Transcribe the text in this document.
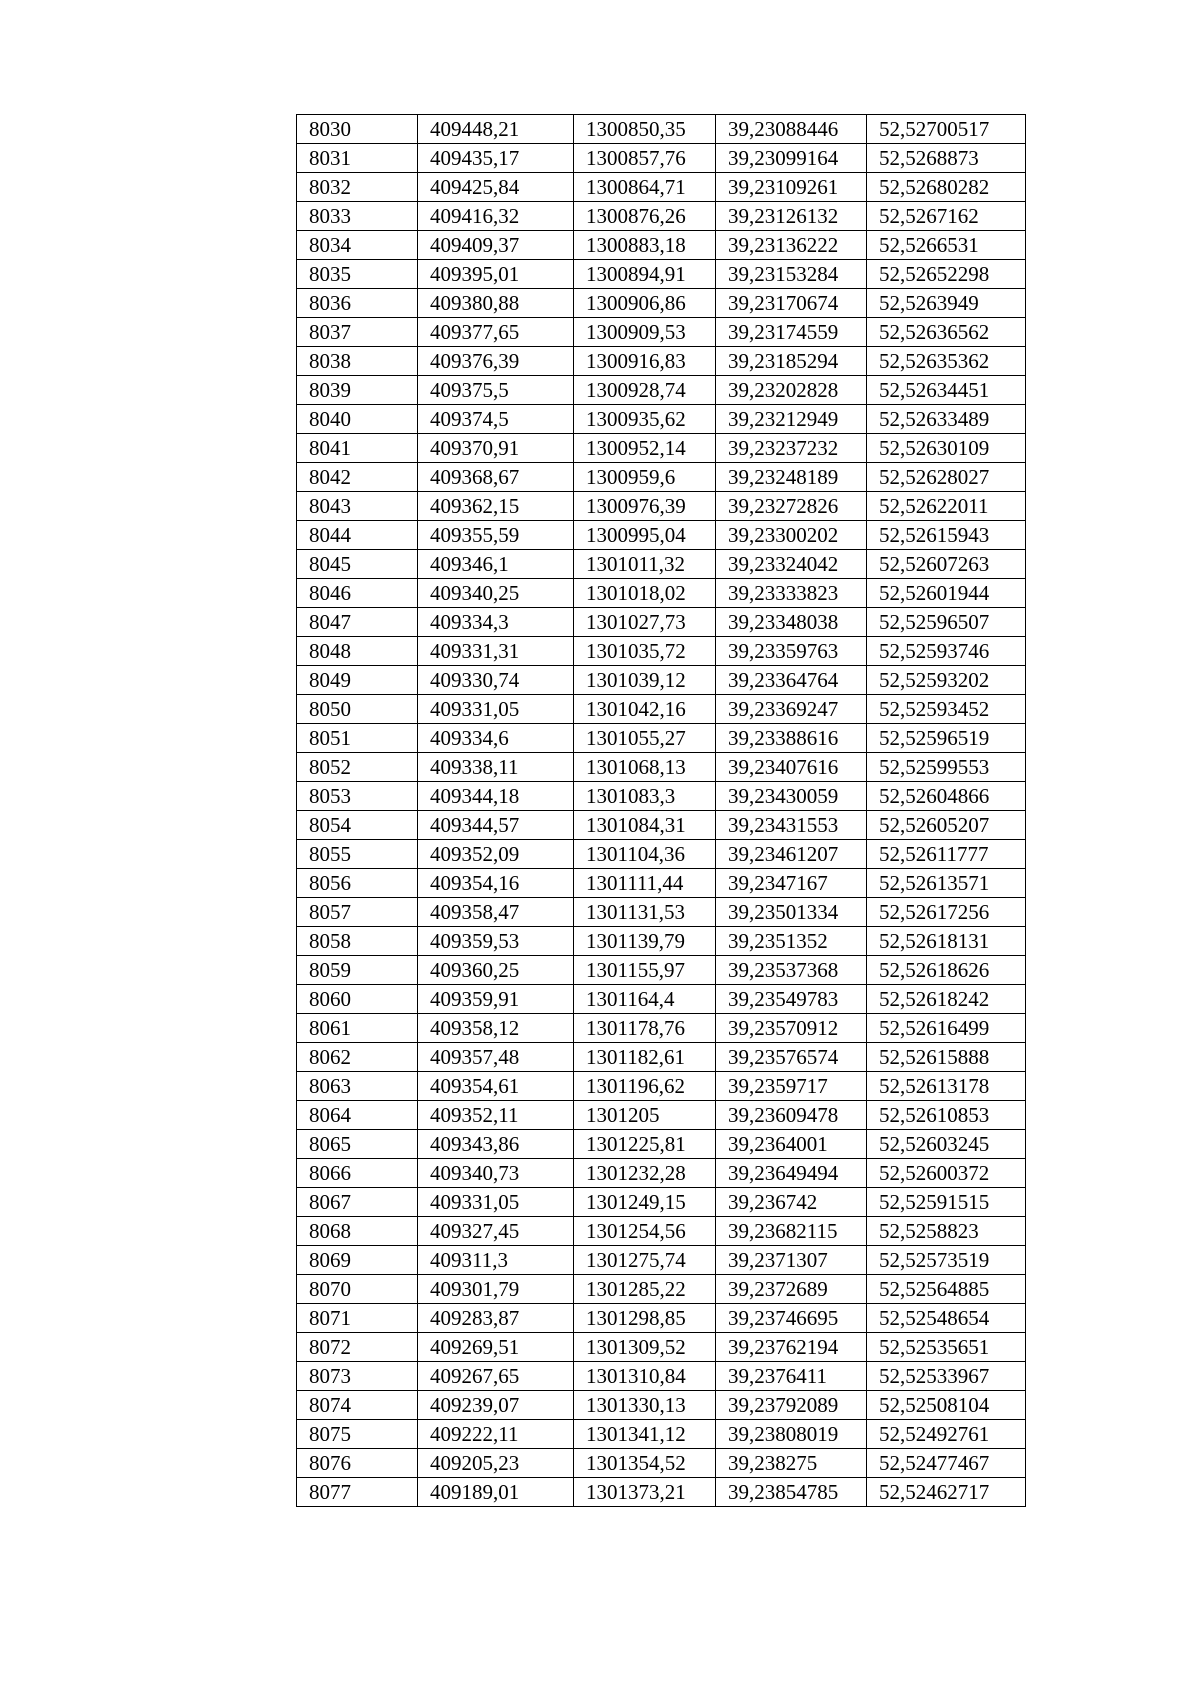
8030	409448,21	1300850,35	39,23088446	52,52700517
8031	409435,17	1300857,76	39,23099164	52,5268873
8032	409425,84	1300864,71	39,23109261	52,52680282
8033	409416,32	1300876,26	39,23126132	52,5267162
8034	409409,37	1300883,18	39,23136222	52,5266531
8035	409395,01	1300894,91	39,23153284	52,52652298
8036	409380,88	1300906,86	39,23170674	52,5263949
8037	409377,65	1300909,53	39,23174559	52,52636562
8038	409376,39	1300916,83	39,23185294	52,52635362
8039	409375,5	1300928,74	39,23202828	52,52634451
8040	409374,5	1300935,62	39,23212949	52,52633489
8041	409370,91	1300952,14	39,23237232	52,52630109
8042	409368,67	1300959,6	39,23248189	52,52628027
8043	409362,15	1300976,39	39,23272826	52,52622011
8044	409355,59	1300995,04	39,23300202	52,52615943
8045	409346,1	1301011,32	39,23324042	52,52607263
8046	409340,25	1301018,02	39,23333823	52,52601944
8047	409334,3	1301027,73	39,23348038	52,52596507
8048	409331,31	1301035,72	39,23359763	52,52593746
8049	409330,74	1301039,12	39,23364764	52,52593202
8050	409331,05	1301042,16	39,23369247	52,52593452
8051	409334,6	1301055,27	39,23388616	52,52596519
8052	409338,11	1301068,13	39,23407616	52,52599553
8053	409344,18	1301083,3	39,23430059	52,52604866
8054	409344,57	1301084,31	39,23431553	52,52605207
8055	409352,09	1301104,36	39,23461207	52,52611777
8056	409354,16	1301111,44	39,2347167	52,52613571
8057	409358,47	1301131,53	39,23501334	52,52617256
8058	409359,53	1301139,79	39,2351352	52,52618131
8059	409360,25	1301155,97	39,23537368	52,52618626
8060	409359,91	1301164,4	39,23549783	52,52618242
8061	409358,12	1301178,76	39,23570912	52,52616499
8062	409357,48	1301182,61	39,23576574	52,52615888
8063	409354,61	1301196,62	39,2359717	52,52613178
8064	409352,11	1301205	39,23609478	52,52610853
8065	409343,86	1301225,81	39,2364001	52,52603245
8066	409340,73	1301232,28	39,23649494	52,52600372
8067	409331,05	1301249,15	39,236742	52,52591515
8068	409327,45	1301254,56	39,23682115	52,5258823
8069	409311,3	1301275,74	39,2371307	52,52573519
8070	409301,79	1301285,22	39,2372689	52,52564885
8071	409283,87	1301298,85	39,23746695	52,52548654
8072	409269,51	1301309,52	39,23762194	52,52535651
8073	409267,65	1301310,84	39,2376411	52,52533967
8074	409239,07	1301330,13	39,23792089	52,52508104
8075	409222,11	1301341,12	39,23808019	52,52492761
8076	409205,23	1301354,52	39,238275	52,52477467
8077	409189,01	1301373,21	39,23854785	52,52462717
